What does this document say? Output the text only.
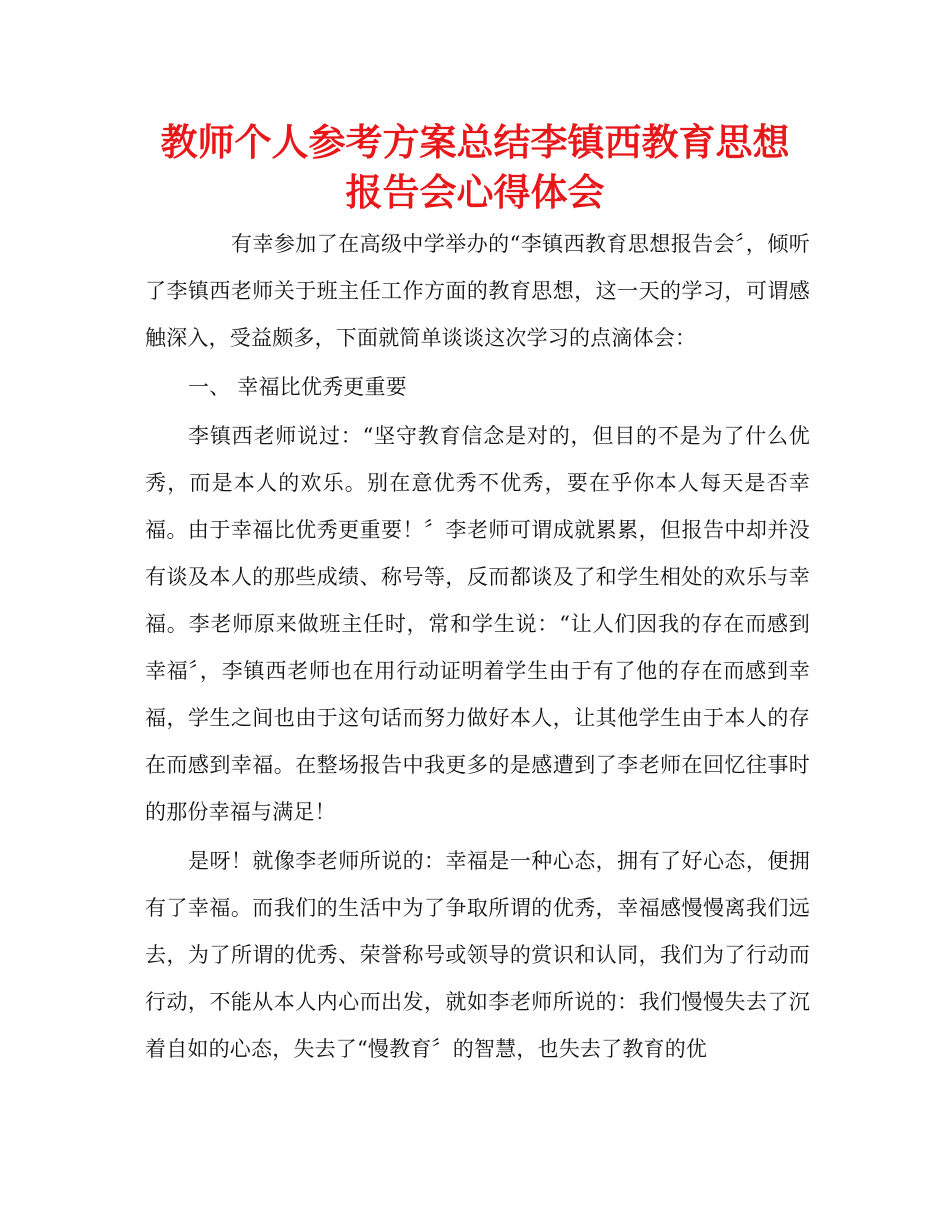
教师个人参考方案总结李镇西教育思想报告会心得体会

有幸参加了在高级中学举办的“李镇西教育思想报告会〞，倾听了李镇西老师关于班主任工作方面的教育思想，这一天的学习，可谓感触深入，受益颇多，下面就简单谈谈这次学习的点滴体会：

一、 幸福比优秀更重要

李镇西老师说过：“坚守教育信念是对的，但目的不是为了什么优秀，而是本人的欢乐。别在意优秀不优秀，要在乎你本人每天是否幸福。由于幸福比优秀更重要！〞李老师可谓成就累累，但报告中却并没有谈及本人的那些成绩、称号等，反而都谈及了和学生相处的欢乐与幸福。李老师原来做班主任时，常和学生说：“让人们因我的存在而感到幸福〞，李镇西老师也在用行动证明着学生由于有了他的存在而感到幸福，学生之间也由于这句话而努力做好本人，让其他学生由于本人的存在而感到幸福。在整场报告中我更多的是感遭到了李老师在回忆往事时的那份幸福与满足！

是呀！就像李老师所说的：幸福是一种心态，拥有了好心态，便拥有了幸福。而我们的生活中为了争取所谓的优秀，幸福感慢慢离我们远去，为了所谓的优秀、荣誉称号或领导的赏识和认同，我们为了行动而行动，不能从本人内心而出发，就如李老师所说的：我们慢慢失去了沉着自如的心态，失去了“慢教育〞的智慧，也失去了教育的优
